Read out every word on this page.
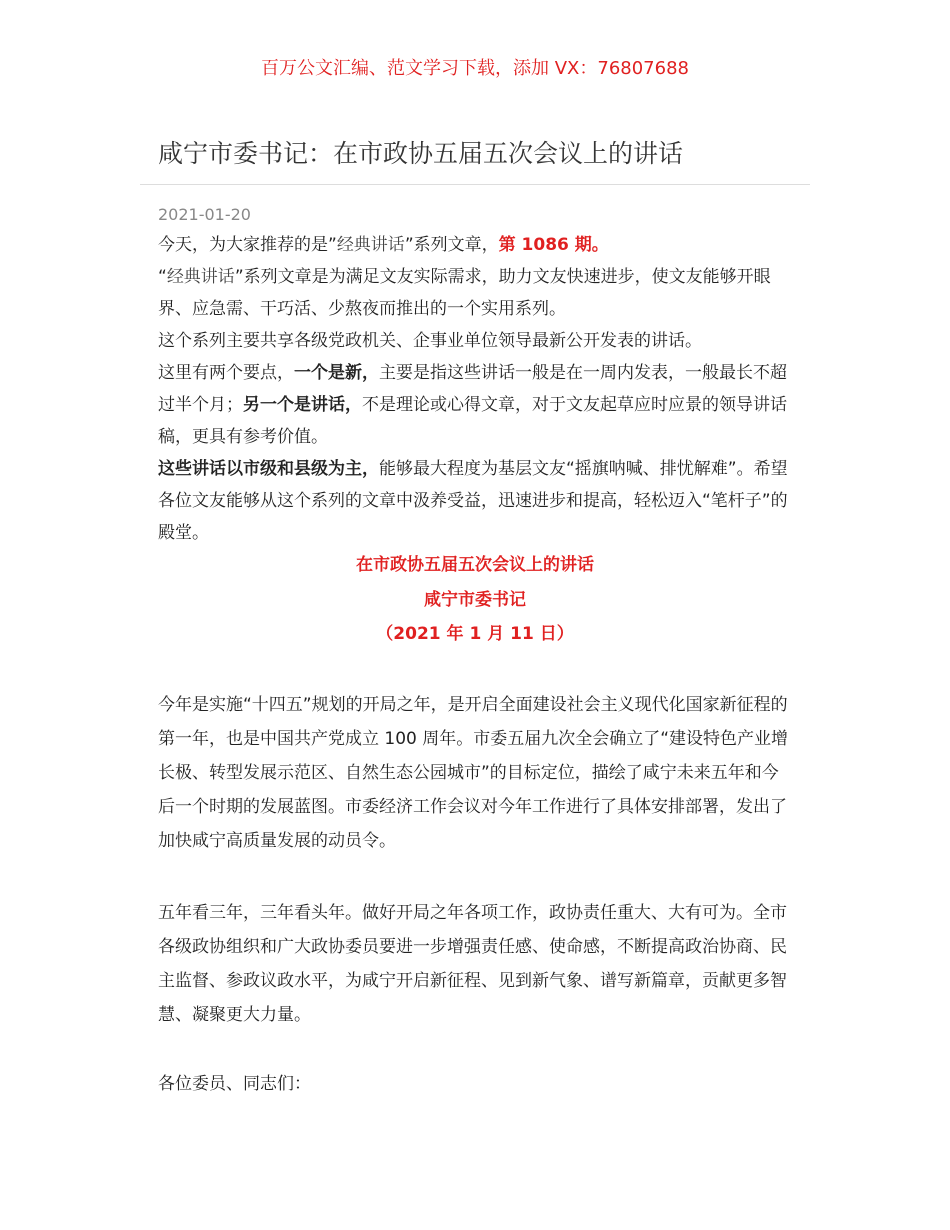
百万公文汇编、范文学习下载，添加 VX：76807688
咸宁市委书记：在市政协五届五次会议上的讲话
2021-01-20

今天，为大家推荐的是”经典讲话”系列文章，第 1086 期。

“经典讲话”系列文章是为满足文友实际需求，助力文友快速进步，使文友能够开眼界、应急需、干巧活、少熬夜而推出的一个实用系列。

这个系列主要共享各级党政机关、企事业单位领导最新公开发表的讲话。

这里有两个要点，一个是新，主要是指这些讲话一般是在一周内发表，一般最长不超过半个月；另一个是讲话，不是理论或心得文章，对于文友起草应时应景的领导讲话稿，更具有参考价值。

这些讲话以市级和县级为主，能够最大程度为基层文友“摇旗呐喊、排忧解难”。希望各位文友能够从这个系列的文章中汲养受益，迅速进步和提高，轻松迈入“笔杆子”的殿堂。

在市政协五届五次会议上的讲话
咸宁市委书记
（2021 年 1 月 11 日）

今年是实施“十四五”规划的开局之年，是开启全面建设社会主义现代化国家新征程的第一年，也是中国共产党成立 100 周年。市委五届九次全会确立了“建设特色产业增长极、转型发展示范区、自然生态公园城市”的目标定位，描绘了咸宁未来五年和今后一个时期的发展蓝图。市委经济工作会议对今年工作进行了具体安排部署，发出了加快咸宁高质量发展的动员令。

五年看三年，三年看头年。做好开局之年各项工作，政协责任重大、大有可为。全市各级政协组织和广大政协委员要进一步增强责任感、使命感，不断提高政治协商、民主监督、参政议政水平，为咸宁开启新征程、见到新气象、谱写新篇章，贡献更多智慧、凝聚更大力量。

各位委员、同志们：
